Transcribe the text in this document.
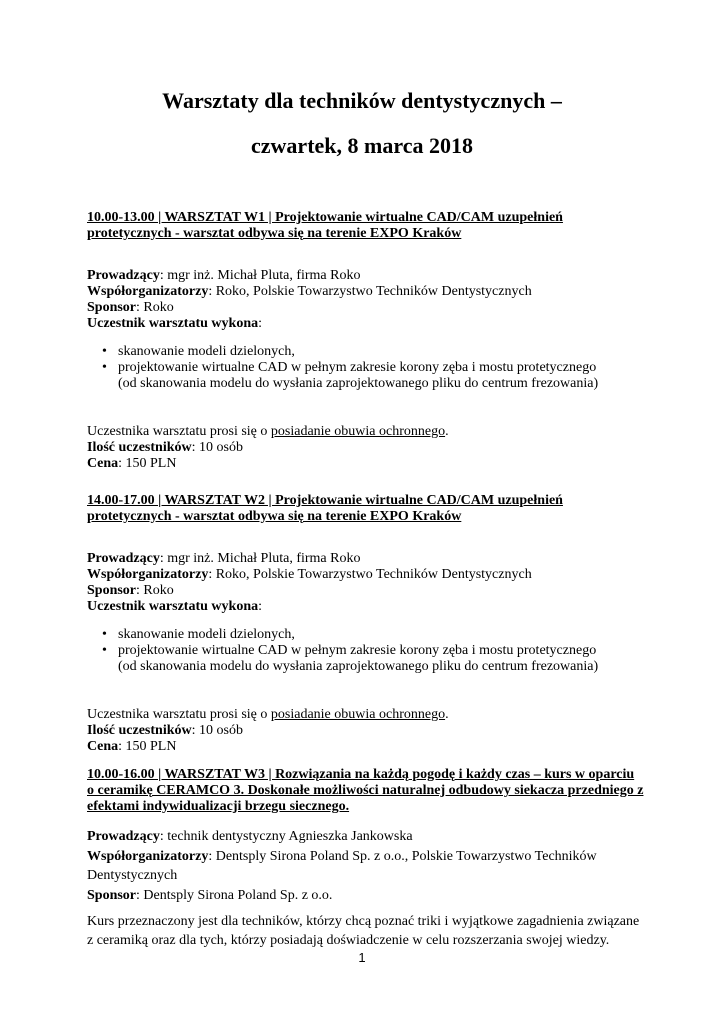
Warsztaty dla techników dentystycznych –
czwartek, 8 marca 2018

10.00-13.00 | WARSZTAT W1 | Projektowanie wirtualne CAD/CAM uzupełnień

protetycznych - warsztat odbywa się na terenie EXPO Kraków

Prowadzący: mgr inż. Michał Pluta, firma Roko

Współorganizatorzy: Roko, Polskie Towarzystwo Techników Dentystycznych

Sponsor: Roko

Uczestnik warsztatu wykona:

• skanowanie modeli dzielonych,
• projektowanie wirtualne CAD w pełnym zakresie korony zęba i mostu protetycznego
(od skanowania modelu do wysłania zaprojektowanego pliku do centrum frezowania)

Uczestnika warsztatu prosi się o posiadanie obuwia ochronnego.

Ilość uczestników: 10 osób

Cena: 150 PLN

14.00-17.00 | WARSZTAT W2 | Projektowanie wirtualne CAD/CAM uzupełnień

protetycznych - warsztat odbywa się na terenie EXPO Kraków

Prowadzący: mgr inż. Michał Pluta, firma Roko

Współorganizatorzy: Roko, Polskie Towarzystwo Techników Dentystycznych

Sponsor: Roko

Uczestnik warsztatu wykona:

• skanowanie modeli dzielonych,
• projektowanie wirtualne CAD w pełnym zakresie korony zęba i mostu protetycznego
(od skanowania modelu do wysłania zaprojektowanego pliku do centrum frezowania)

Uczestnika warsztatu prosi się o posiadanie obuwia ochronnego.

Ilość uczestników: 10 osób

Cena: 150 PLN

10.00-16.00 | WARSZTAT W3 | Rozwiązania na każdą pogodę i każdy czas – kurs w oparciu

o ceramikę CERAMCO 3. Doskonałe możliwości naturalnej odbudowy siekacza przedniego z

efektami indywidualizacji brzegu siecznego.

Prowadzący: technik dentystyczny Agnieszka Jankowska

Współorganizatorzy: Dentsply Sirona Poland Sp. z o.o., Polskie Towarzystwo Techników

Dentystycznych

Sponsor: Dentsply Sirona Poland Sp. z o.o.

Kurs przeznaczony jest dla techników, którzy chcą poznać triki i wyjątkowe zagadnienia związane

z ceramiką oraz dla tych, którzy posiadają doświadczenie w celu rozszerzania swojej wiedzy.

1
